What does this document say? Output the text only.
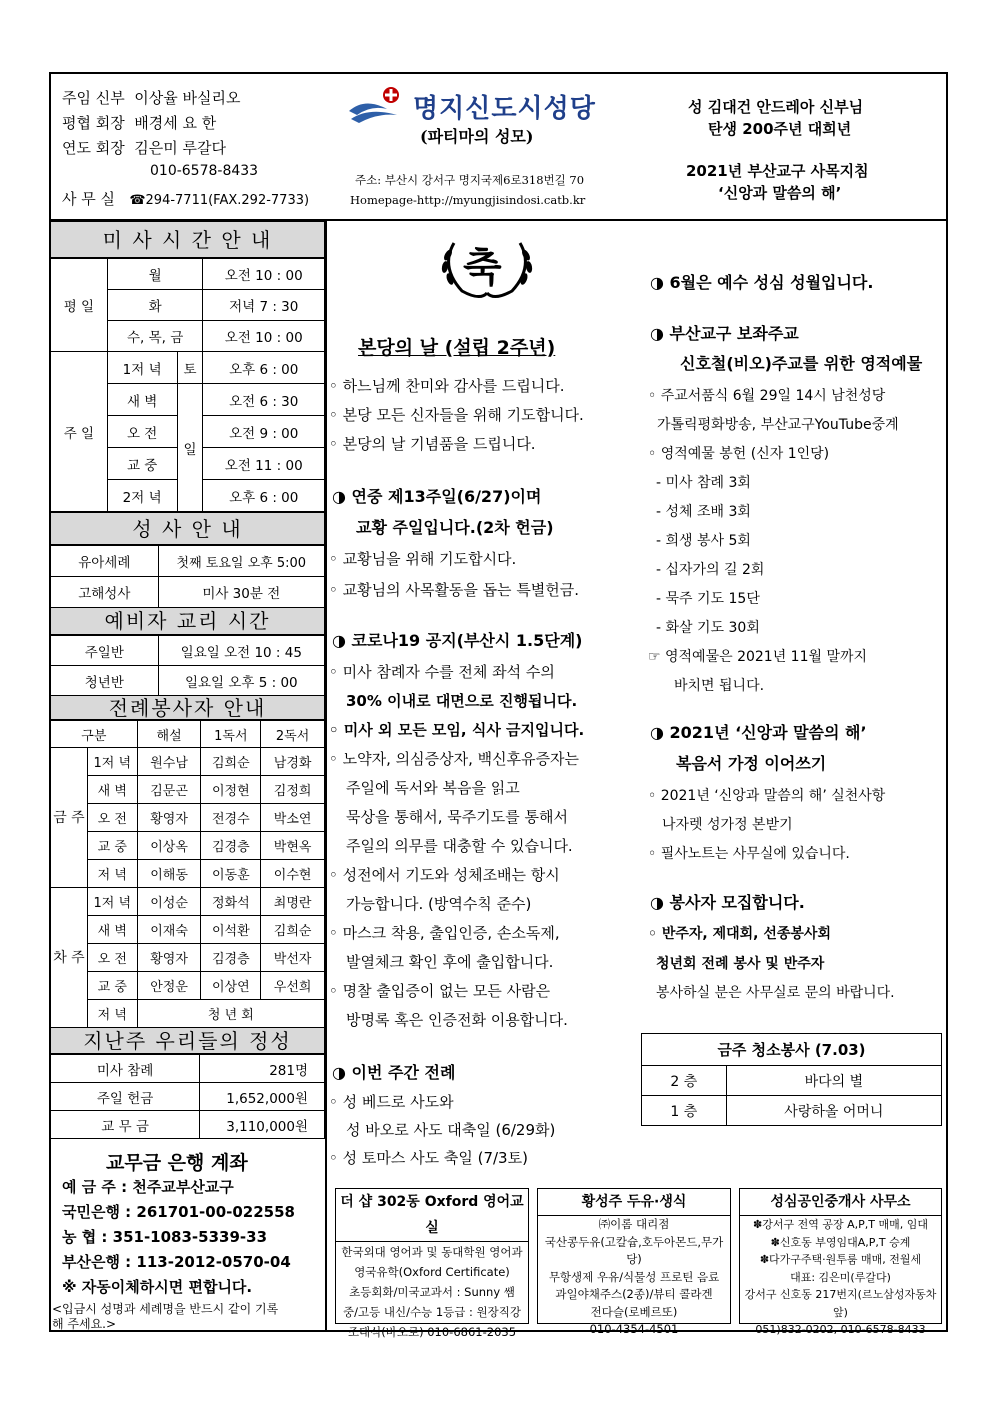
주임 신부 이상율 바실리오
평협 회장 배경세 요 한
연도 회장 김은미 루갈다
010-6578-8433
사 무 실 ☎294-7711(FAX.292-7733)
명지신도시성당
(파티마의 성모)
주소: 부산시 강서구 명지국제6로318번길 70
Homepage-http://myungjisindosi.catb.kr
성 김대건 안드레아 신부님
탄생 200주년 대희년
2021년 부산교구 사목지침
‘신앙과 말씀의 해’
미 사 시 간 안 내
평 일	월		오전 10 : 00
	화		저녁 7 : 30
	수, 목, 금		오전 10 : 00
주 일	1저 녁	토	오후 6 : 00
	새 벽	일	오전 6 : 30
	오 전		오전 9 : 00
	교 중		오전 11 : 00
	2저 녁		오후 6 : 00
성 사 안 내
유아세례	첫째 토요일 오후 5:00
고해성사	미사 30분 전
예비자 교리 시간
주일반	일요일 오전 10 : 45
청년반	일요일 오후 5 : 00
전례봉사자 안내
구분		해설	1독서	2독서
금 주	1저 녁	원수남	김희순	남경화
	새 벽	김문곤	이정현	김정희
	오 전	황영자	전경수	박소연
	교 중	이상옥	김경층	박현옥
	저 녁	이해동	이동훈	이수현
차 주	1저 녁	이성순	정화석	최명란
	새 벽	이재숙	이석환	김희순
	오 전	황영자	김경층	박선자
	교 중	안정운	이상연	우선희
	저 녁	청 년 회		
지난주 우리들의 정성
미사 참례	281명
주일 헌금	1,652,000원
교 무 금	3,110,000원
교무금 은행 계좌
예 금 주 : 천주교부산교구
국민은행 : 261701-00-022558
농 협 : 351-1083-5339-33
부산은행 : 113-2012-0570-04
※ 자동이체하시면 편합니다.
<입금시 성명과 세례명을 반드시 같이 기록
해 주세요.>
축
본당의 날 (설립 2주년)
◦ 하느님께 찬미와 감사를 드립니다.
◦ 본당 모든 신자들을 위해 기도합니다.
◦ 본당의 날 기념품을 드립니다.
◑ 연중 제13주일(6/27)이며
교황 주일입니다.(2차 헌금)
◦ 교황님을 위해 기도합시다.
◦ 교황님의 사목활동을 돕는 특별헌금.
◑ 코로나19 공지(부산시 1.5단계)
◦ 미사 참례자 수를 전체 좌석 수의
30% 이내로 대면으로 진행됩니다.
◦ 미사 외 모든 모임, 식사 금지입니다.
◦ 노약자, 의심증상자, 백신후유증자는
주일에 독서와 복음을 읽고
묵상을 통해서, 묵주기도를 통해서
주일의 의무를 대충할 수 있습니다.
◦ 성전에서 기도와 성체조배는 항시
가능합니다. (방역수칙 준수)
◦ 마스크 착용, 출입인증, 손소독제,
발열체크 확인 후에 출입합니다.
◦ 명찰 출입증이 없는 모든 사람은
방명록 혹은 인증전화 이용합니다.
◑ 이번 주간 전례
◦ 성 베드로 사도와
성 바오로 사도 대축일 (6/29화)
◦ 성 토마스 사도 축일 (7/3토)
◑ 6월은 예수 성심 성월입니다.
◑ 부산교구 보좌주교
신호철(비오)주교를 위한 영적예물
◦ 주교서품식 6월 29일 14시 남천성당
가톨릭평화방송, 부산교구YouTube중계
◦ 영적예물 봉헌 (신자 1인당)
- 미사 참례 3회
- 성체 조배 3회
- 희생 봉사 5회
- 십자가의 길 2회
- 묵주 기도 15단
- 화살 기도 30회
☞ 영적예물은 2021년 11월 말까지
바치면 됩니다.
◑ 2021년 ‘신앙과 말씀의 해’
복음서 가정 이어쓰기
◦ 2021년 ‘신앙과 말씀의 해’ 실천사항
나자렛 성가정 본받기
◦ 필사노트는 사무실에 있습니다.
◑ 봉사자 모집합니다.
◦ 반주자, 제대회, 선종봉사회
청년회 전례 봉사 및 반주자
봉사하실 분은 사무실로 문의 바랍니다.
금주 청소봉사 (7.03)	
2 층	바다의 별
1 층	사랑하올 어머니
더 샵 302동 Oxford 영어교실
한국외대 영어과 및 동대학원 영어과
영국유학(Oxford Certificate)
초등회화/미국교과서 : Sunny 쌤
중/고등 내신/수능 1등급 : 원장직강
조태식(바오로) 010-6861-2035
황성주 두유·생식
㈜이롬 대리점
국산콩두유(고칼슘,호두아몬드,무가당)
무항생제 우유/식물성 프로틴 음료
과일야채주스(2종)/뷰티 콜라겐
전다슬(로베르또)
010-4354-4501
성심공인중개사 사무소
✽강서구 전역 공장 A,P,T 매매, 임대
✽신호동 부영임대A,P,T 승계
✽다가구주택·원투룸 매매, 전월세
대표: 김은미(루갈다)
강서구 신호동 217번지(르노삼성자동차 앞)
051)832-0202, 010-6578-8433
